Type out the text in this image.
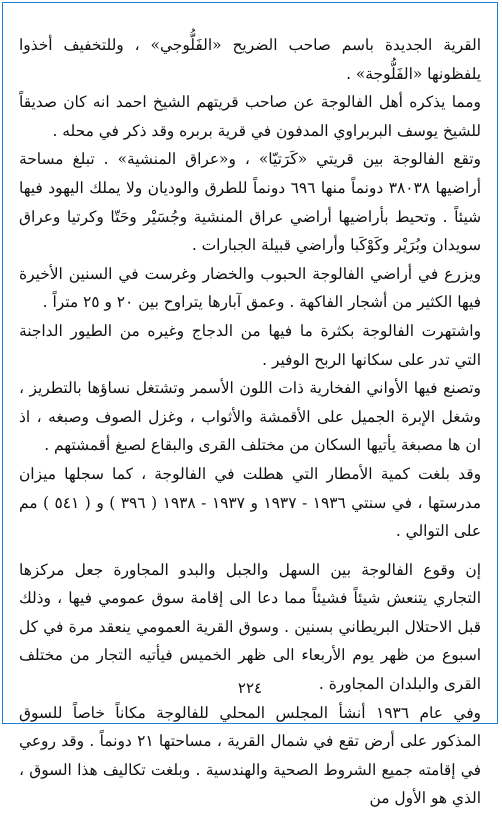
القرية الجديدة باسم صاحب الضريح «الفَلُّوجي» ، وللتخفيف أخذوا يلفظونها «الفَلُّوجة» .

ومما يذكره أهل الفالوجة عن صاحب قريتهم الشيخ احمد انه كان صديقاً للشيخ يوسف البربراوي المدفون في قرية بربره وقد ذكر في محله .

وتقع الفالوجة بين قريتي «كَرَتيّا» ، و«عراق المنشية» . تبلغ مساحة أراضيها ٣٨٠٣٨ دونماً منها ٦٩٦ دونماً للطرق والوديان ولا يملك اليهود فيها شيئاً . وتحيط بأراضيها أراضي عراق المنشية وجُسَيْر وحَتّا وكرتيا وعراق سويدان وبُرَيْر وكَوْكَبا وأراضي قبيلة الجبارات .

ويزرع في أراضي الفالوجة الحبوب والخضار وغرست في السنين الأخيرة فيها الكثير من أشجار الفاكهة . وعمق آبارها يتراوح بين ٢٠ و ٢٥ متراً .

واشتهرت الفالوجة بكثرة ما فيها من الدجاج وغيره من الطيور الداجنة التي تدر على سكانها الربح الوفير .

وتصنع فيها الأواني الفخارية ذات اللون الأسمر وتشتغل نساؤها بالتطريز ، وشغل الإبرة الجميل على الأقمشة والأثواب ، وغزل الصوف وصبغه ، اذ ان ها مصبغة يأتيها السكان من مختلف القرى والبقاع لصبغ أقمشتهم .

وقد بلغت كمية الأمطار التي هطلت في الفالوجة ، كما سجلها ميزان مدرستها ، في سنتي ١٩٣٦ - ١٩٣٧ و ١٩٣٧ - ١٩٣٨ ( ٣٩٦ ) و ( ٥٤١ ) مم على التوالي .

إن وقوع الفالوجة بين السهل والجبل والبدو المجاورة جعل مركزها التجاري يتنعش شيئاً فشيئاً مما دعا الى إقامة سوق عمومي فيها ، وذلك قبل الاحتلال البريطاني بسنين . وسوق القرية العمومي ينعقد مرة في كل اسبوع من ظهر يوم الأربعاء الى ظهر الخميس فيأتيه التجار من مختلف القرى والبلدان المجاورة .

وفي عام ١٩٣٦ أنشأ المجلس المحلي للفالوجة مكاناً خاصاً للسوق المذكور على أرض تقع في شمال القرية ، مساحتها ٢١ دونماً . وقد روعي في إقامته جميع الشروط الصحية والهندسية . وبلغت تكاليف هذا السوق ، الذي هو الأول من

٢٢٤
